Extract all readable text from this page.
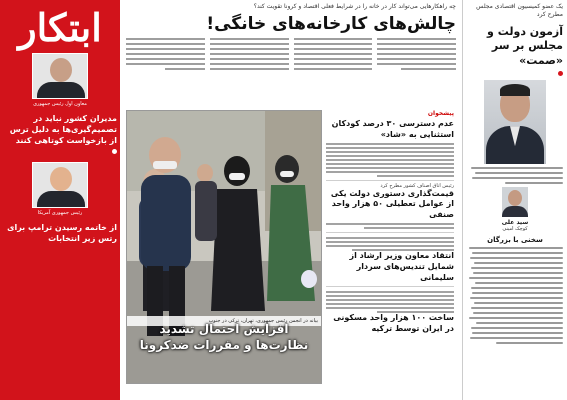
یک عضو کمیسیون اقتصادی مجلس مطرح کرد
آزمون دولت و مجلس بر سر «صمت»
سید علی
کوچک امینی
سخنی با بزرگان
چه راهکارهایی می‌تواند کار در خانه را در شرایط فعلی اقتصاد و کرونا تقویت کند؟
چالش‌های کارخانه‌های خانگی!
بیانه در انجمن رئیس جمهوری، تهران، ترکی در جنوب
افزایش احتمال تشدید
نظارت‌ها و مقررات ضدکرونا
پیشخوان
عدم دسترسی ۳۰ درصد کودکان استثنایی به «شاد»
رئیس اتاق اصناف کشور مطرح کرد
قیمت‌گذاری دستوری دولت یکی از عوامل تعطیلی ۵۰ هزار واحد صنفی
انتقاد معاون وزیر ارشاد از شمایل تندیس‌های سردار سلیمانی
ساخت ۱۰۰ هزار واحد مسکونی در ایران توسط ترکیه
ابتکار
معاون اول رئیس جمهوری
مدیران کشور نباید در تصمیم‌گیری‌ها به دلیل ترس از بازخواست کوتاهی کنند
رئیس جمهوری آمریکا
از خاتمه رسیدن ترامپ برای رتس زیر انتخابات
